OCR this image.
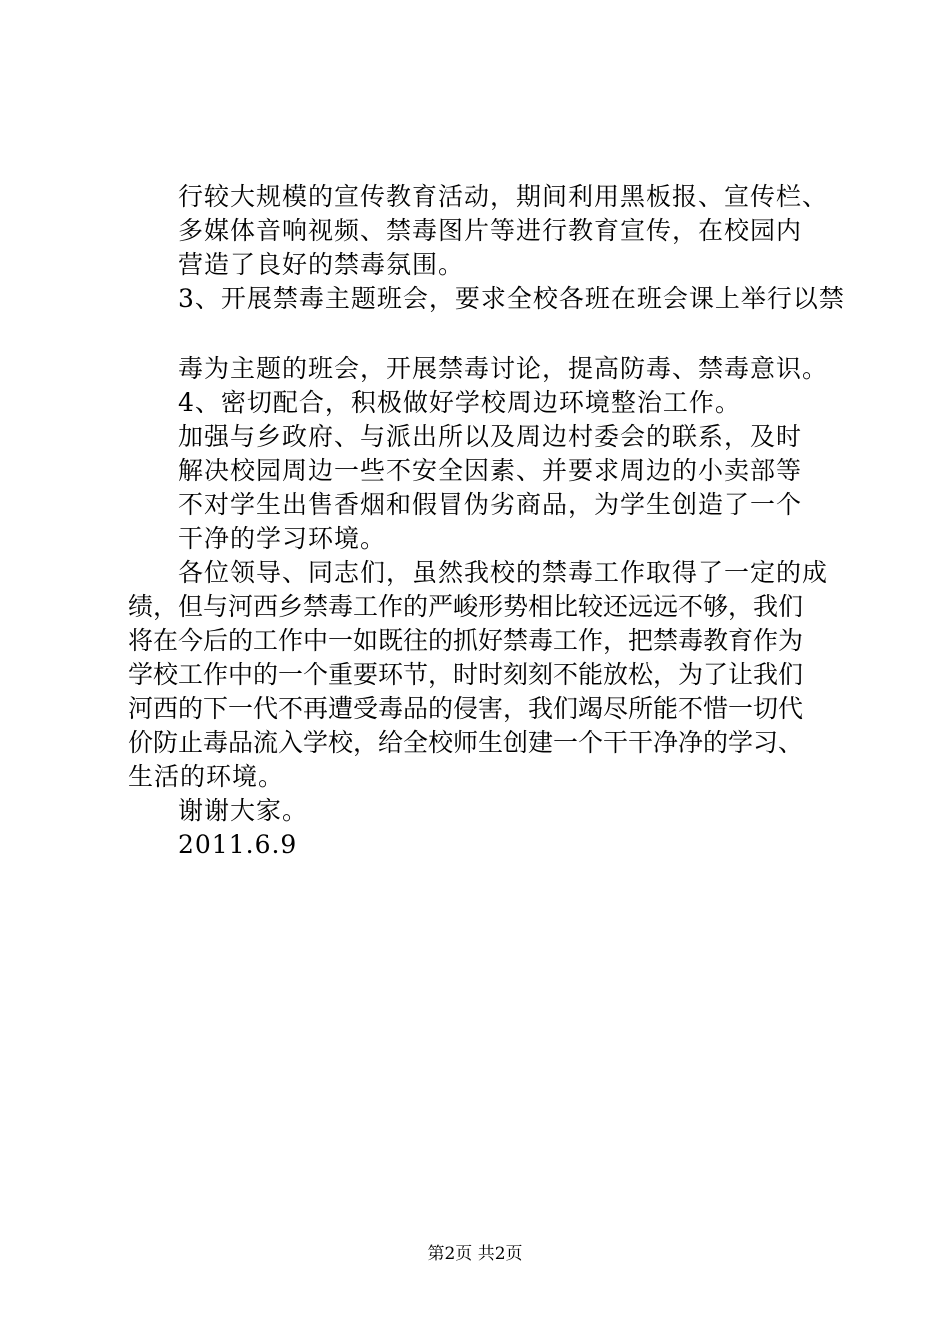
行较大规模的宣传教育活动，期间利用黑板报、宣传栏、
多媒体音响视频、禁毒图片等进行教育宣传，在校园内
营造了良好的禁毒氛围。
3、开展禁毒主题班会，要求全校各班在班会课上举行以禁
毒为主题的班会，开展禁毒讨论，提高防毒、禁毒意识。
4、密切配合，积极做好学校周边环境整治工作。
加强与乡政府、与派出所以及周边村委会的联系，及时
解决校园周边一些不安全因素、并要求周边的小卖部等
不对学生出售香烟和假冒伪劣商品，为学生创造了一个
干净的学习环境。
各位领导、同志们，虽然我校的禁毒工作取得了一定的成
绩，但与河西乡禁毒工作的严峻形势相比较还远远不够，我们
将在今后的工作中一如既往的抓好禁毒工作，把禁毒教育作为
学校工作中的一个重要环节，时时刻刻不能放松，为了让我们
河西的下一代不再遭受毒品的侵害，我们竭尽所能不惜一切代
价防止毒品流入学校，给全校师生创建一个干干净净的学习、
生活的环境。
谢谢大家。
2011.6.9
第2页 共2页
